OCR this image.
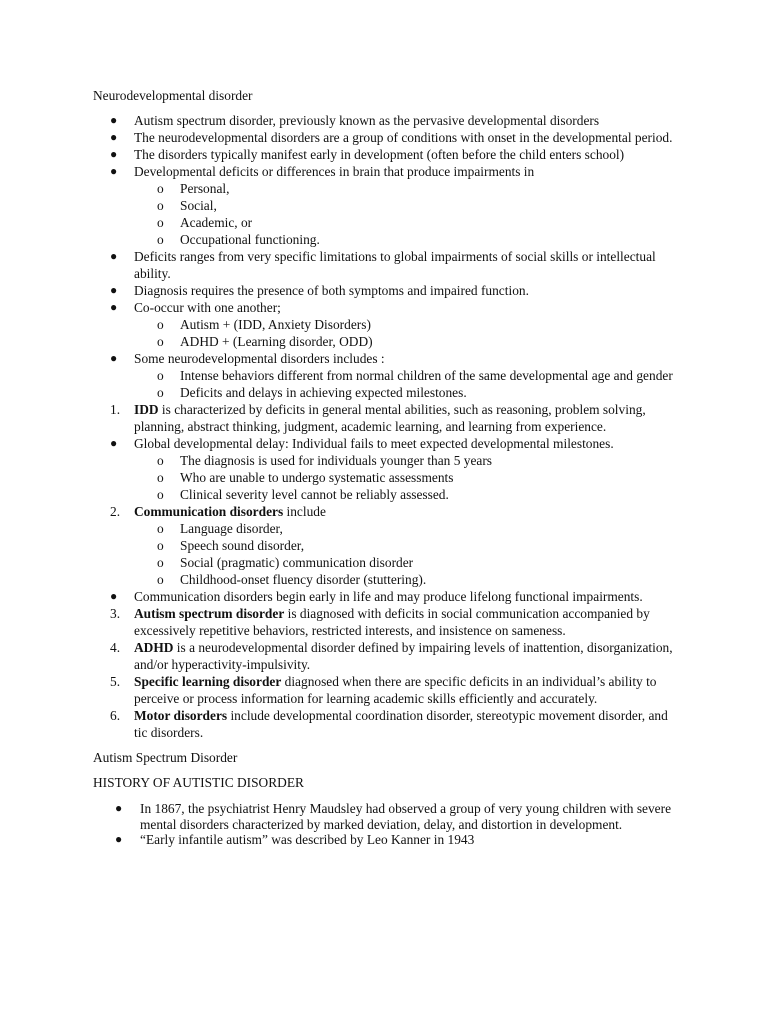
Neurodevelopmental disorder
● Autism spectrum disorder, previously known as the pervasive developmental disorders
● The neurodevelopmental disorders are a group of conditions with onset in the developmental period.
● The disorders typically manifest early in development (often before the child enters school)
● Developmental deficits or differences in brain that produce impairments in
o Personal,
o Social,
o Academic, or
o Occupational functioning.
● Deficits ranges from very specific limitations to global impairments of social skills or intellectual ability.
● Diagnosis requires the presence of both symptoms and impaired function.
● Co-occur with one another;
o Autism + (IDD, Anxiety Disorders)
o ADHD + (Learning disorder, ODD)
● Some neurodevelopmental disorders includes :
o Intense behaviors different from normal children of the same developmental age and gender
o Deficits and delays in achieving expected milestones.
1. IDD is characterized by deficits in general mental abilities, such as reasoning, problem solving, planning, abstract thinking, judgment, academic learning, and learning from experience.
● Global developmental delay: Individual fails to meet expected developmental milestones.
o The diagnosis is used for individuals younger than 5 years
o Who are unable to undergo systematic assessments
o Clinical severity level cannot be reliably assessed.
2. Communication disorders include
o Language disorder,
o Speech sound disorder,
o Social (pragmatic) communication disorder
o Childhood-onset fluency disorder (stuttering).
● Communication disorders begin early in life and may produce lifelong functional impairments.
3. Autism spectrum disorder is diagnosed with deficits in social communication accompanied by excessively repetitive behaviors, restricted interests, and insistence on sameness.
4. ADHD is a neurodevelopmental disorder defined by impairing levels of inattention, disorganization, and/or hyperactivity-impulsivity.
5. Specific learning disorder diagnosed when there are specific deficits in an individual’s ability to perceive or process information for learning academic skills efficiently and accurately.
6. Motor disorders include developmental coordination disorder, stereotypic movement disorder, and tic disorders.
Autism Spectrum Disorder
HISTORY OF AUTISTIC DISORDER
● In 1867, the psychiatrist Henry Maudsley had observed a group of very young children with severe mental disorders characterized by marked deviation, delay, and distortion in development.
● “Early infantile autism” was described by Leo Kanner in 1943
